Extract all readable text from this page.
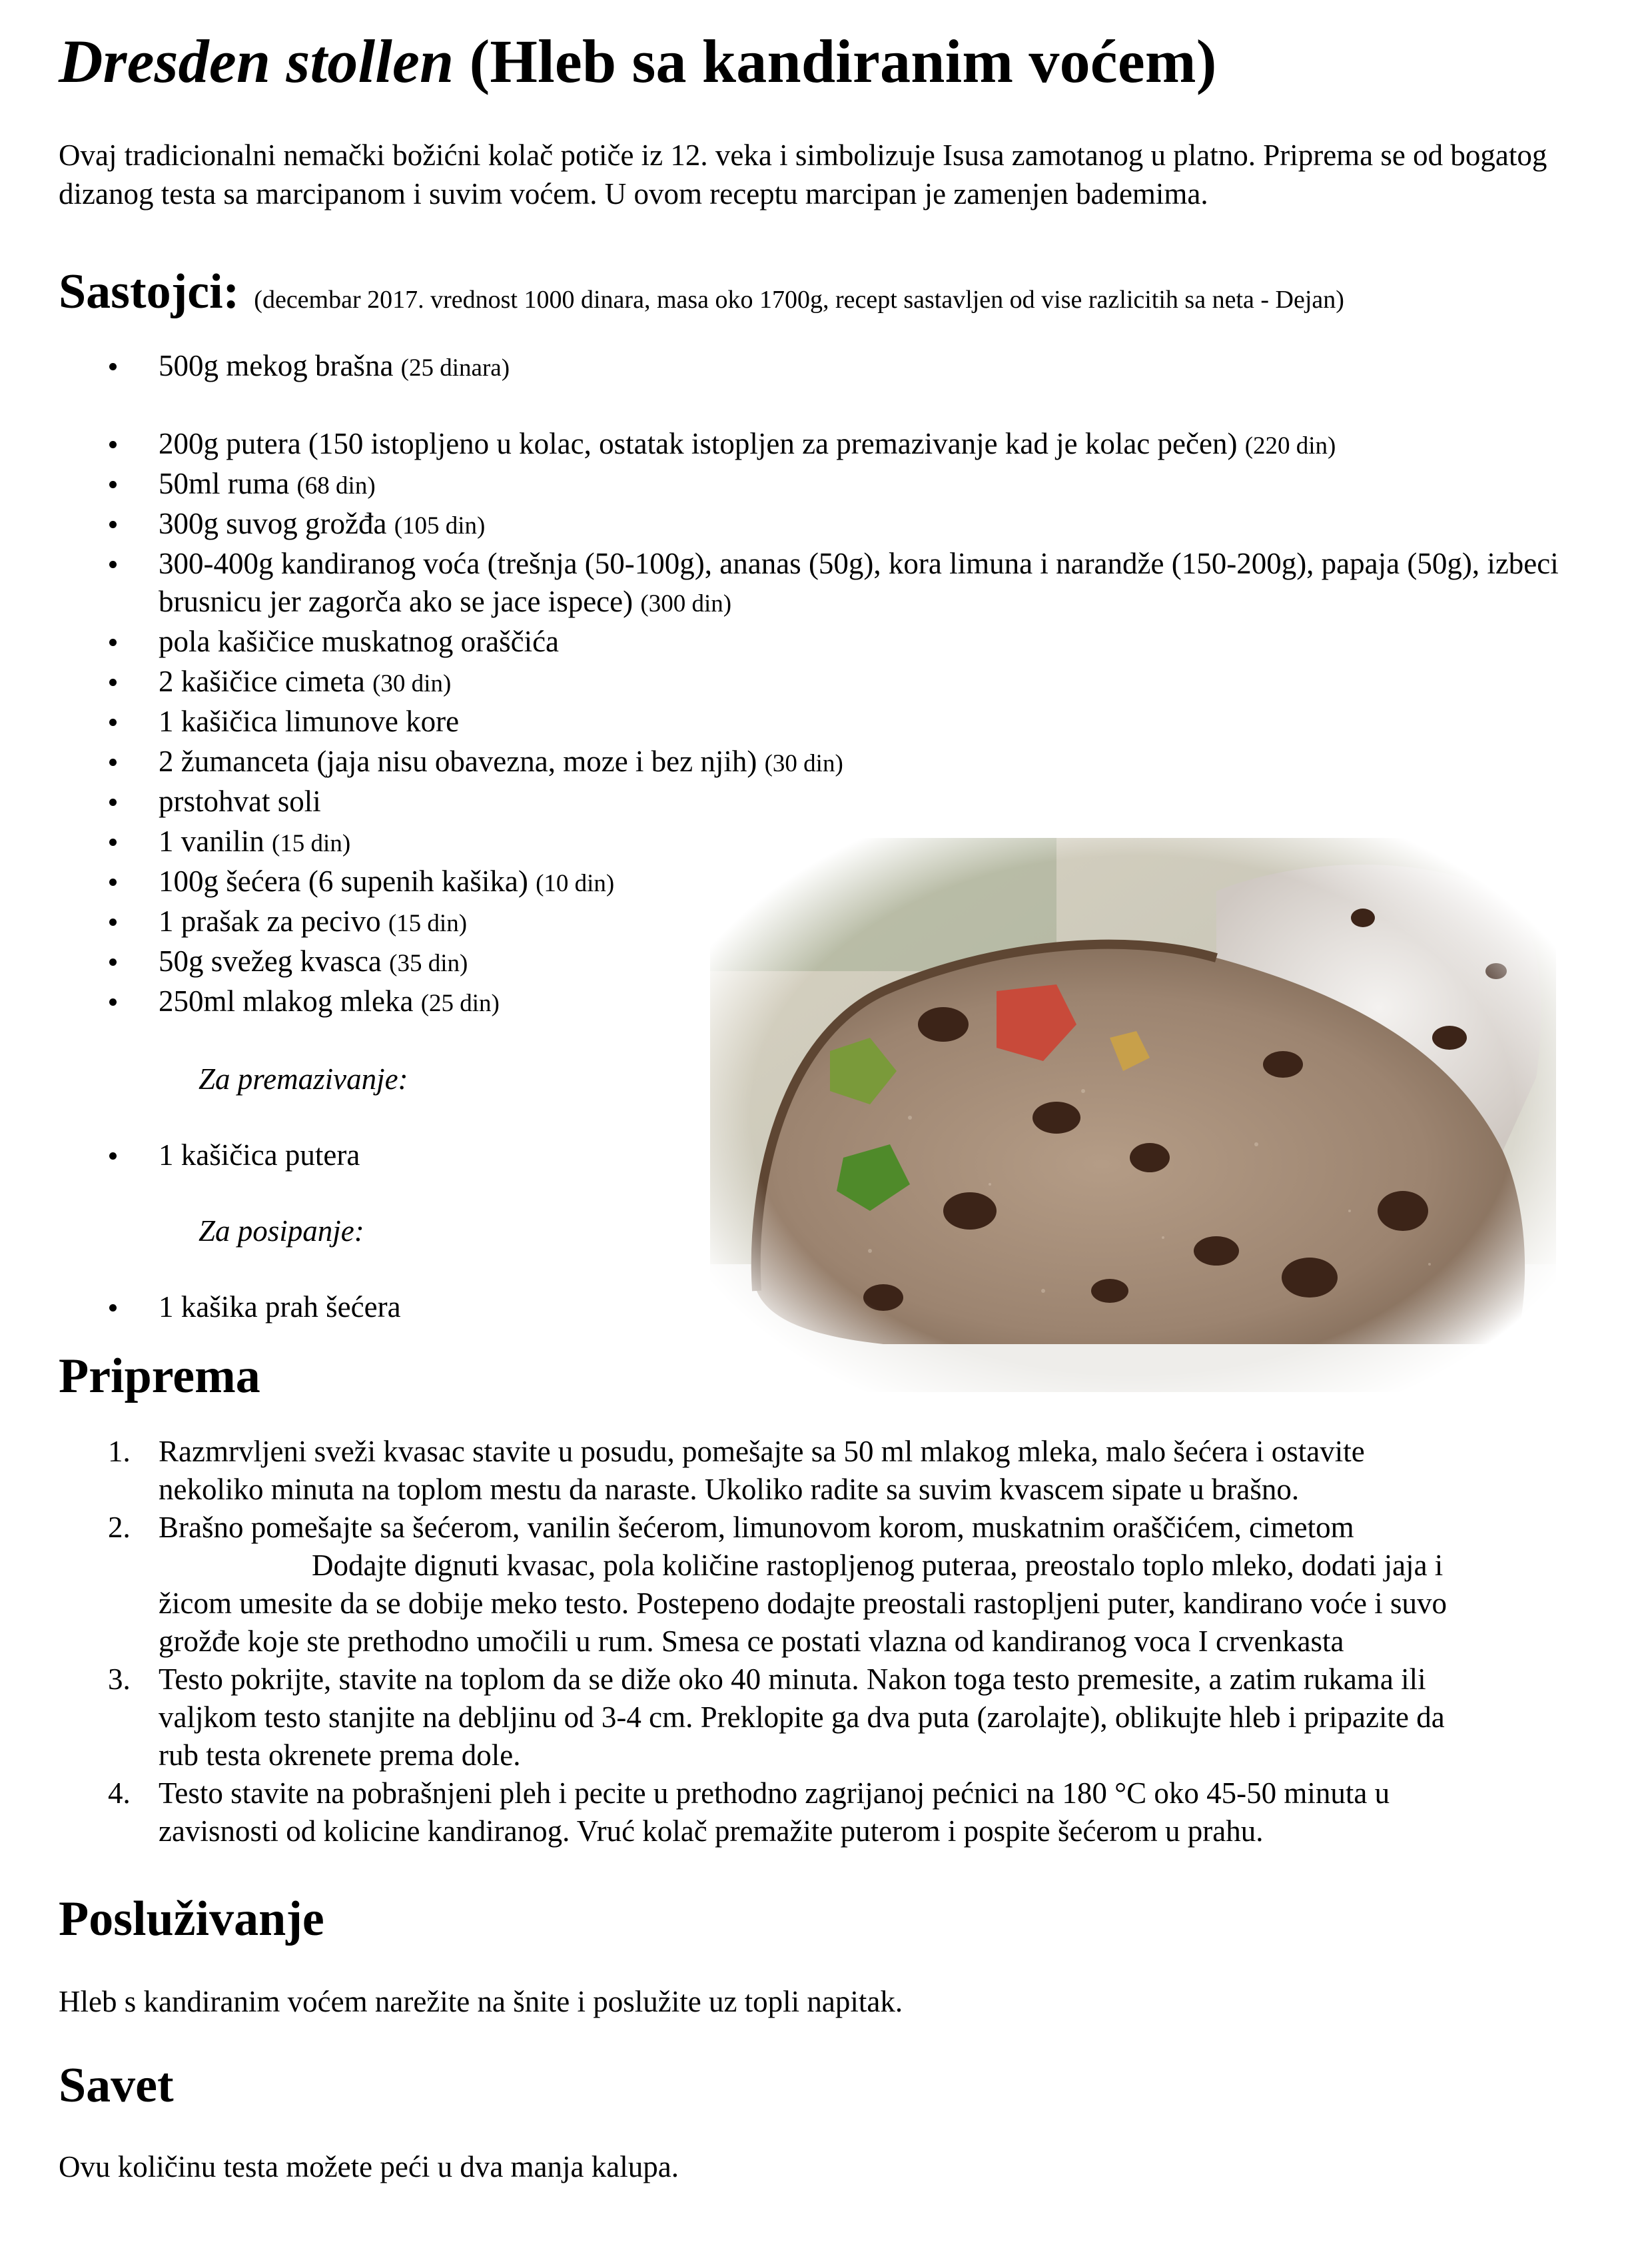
Dresden stollen (Hleb sa kandiranim voćem)

Ovaj tradicionalni nemački božićni kolač potiče iz 12. veka i simbolizuje Isusa zamotanog u platno. Priprema se od bogatog dizanog testa sa marcipanom i suvim voćem. U ovom receptu marcipan je zamenjen bademima.

Sastojci: (decembar 2017. vrednost 1000 dinara, masa oko 1700g, recept sastavljen od vise razlicitih sa neta - Dejan)
500g mekog brašna (25 dinara)
200g putera (150 istopljeno u kolac, ostatak istopljen za premazivanje kad je kolac pečen) (220 din)
50ml ruma (68 din)
300g suvog grožđa (105 din)
300-400g kandiranog voća (trešnja (50-100g), ananas (50g), kora limuna i narandže (150-200g), papaja (50g), izbeci brusnicu jer zagorča ako se jace ispece) (300 din)
pola kašičice muskatnog oraščića
2 kašičice cimeta (30 din)
1 kašičica limunove kore
2 žumanceta (jaja nisu obavezna, moze i bez njih) (30 din)
prstohvat soli
1 vanilin (15 din)
100g šećera (6 supenih kašika) (10 din)
1 prašak za pecivo (15 din)
50g svežeg kvasca (35 din)
250ml mlakog mleka (25 din)
Za premazivanje:
1 kašičica putera
Za posipanje:
1 kašika prah šećera
Priprema
1. Razmrvljeni sveži kvasac stavite u posudu, pomešajte sa 50 ml mlakog mleka, malo šećera i ostavite
nekoliko minuta na toplom mestu da naraste. Ukoliko radite sa suvim kvascem sipate u brašno.
2. Brašno pomešajte sa šećerom, vanilin šećerom, limunovom korom, muskatnim oraščićem, cimetom
Dodajte dignuti kvasac, pola količine rastopljenog puteraa, preostalo toplo mleko, dodati jaja i
žicom umesite da se dobije meko testo. Postepeno dodajte preostali rastopljeni puter, kandirano voće i suvo
grožđe koje ste prethodno umočili u rum. Smesa ce postati vlazna od kandiranog voca I crvenkasta
3. Testo pokrijte, stavite na toplom da se diže oko 40 minuta. Nakon toga testo premesite, a zatim rukama ili
valjkom testo stanjite na debljinu od 3-4 cm. Preklopite ga dva puta (zarolajte), oblikujte hleb i pripazite da
rub testa okrenete prema dole.
4. Testo stavite na pobrašnjeni pleh i pecite u prethodno zagrijanoj pećnici na 180 °C oko 45-50 minuta u
zavisnosti od kolicine kandiranog. Vruć kolač premažite puterom i pospite šećerom u prahu.
Posluživanje

Hleb s kandiranim voćem narežite na šnite i poslužite uz topli napitak.

Savet

Ovu količinu testa možete peći u dva manja kalupa.
